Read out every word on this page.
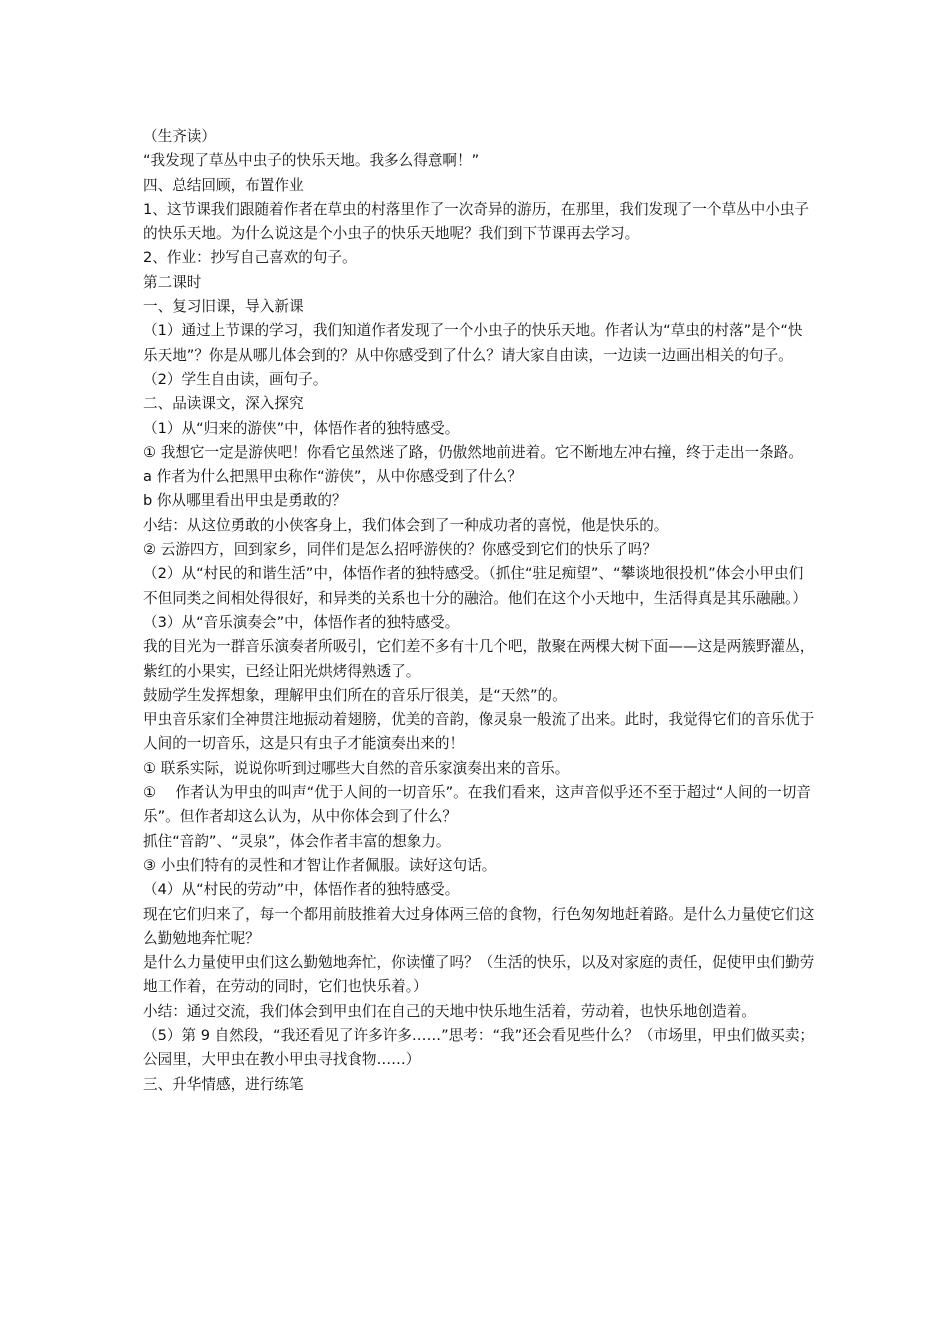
（生齐读）

“我发现了草丛中虫子的快乐天地。我多么得意啊！”

四、总结回顾，布置作业

1、这节课我们跟随着作者在草虫的村落里作了一次奇异的游历，在那里，我们发现了一个草丛中小虫子的快乐天地。为什么说这是个小虫子的快乐天地呢？我们到下节课再去学习。

2、作业：抄写自己喜欢的句子。

第二课时

一、复习旧课，导入新课

（1）通过上节课的学习，我们知道作者发现了一个小虫子的快乐天地。作者认为“草虫的村落”是个“快乐天地”？你是从哪儿体会到的？从中你感受到了什么？请大家自由读，一边读一边画出相关的句子。

（2）学生自由读，画句子。

二、品读课文，深入探究

（1）从“归来的游侠”中，体悟作者的独特感受。

① 我想它一定是游侠吧！你看它虽然迷了路，仍傲然地前进着。它不断地左冲右撞，终于走出一条路。

a 作者为什么把黑甲虫称作“游侠”，从中你感受到了什么？

b 你从哪里看出甲虫是勇敢的？

小结：从这位勇敢的小侠客身上，我们体会到了一种成功者的喜悦，他是快乐的。

② 云游四方，回到家乡，同伴们是怎么招呼游侠的？你感受到它们的快乐了吗？

（2）从“村民的和谐生活”中，体悟作者的独特感受。（抓住“驻足痴望”、“攀谈地很投机”体会小甲虫们不但同类之间相处得很好，和异类的关系也十分的融洽。他们在这个小天地中，生活得真是其乐融融。）

（3）从“音乐演奏会”中，体悟作者的独特感受。

我的目光为一群音乐演奏者所吸引，它们差不多有十几个吧，散聚在两棵大树下面——这是两簇野灌丛，紫红的小果实，已经让阳光烘烤得熟透了。

鼓励学生发挥想象，理解甲虫们所在的音乐厅很美，是“天然”的。

甲虫音乐家们全神贯注地振动着翅膀，优美的音韵，像灵泉一般流了出来。此时，我觉得它们的音乐优于人间的一切音乐，这是只有虫子才能演奏出来的！

① 联系实际，说说你听到过哪些大自然的音乐家演奏出来的音乐。

①　 作者认为甲虫的叫声“优于人间的一切音乐”。在我们看来，这声音似乎还不至于超过“人间的一切音乐”。但作者却这么认为，从中你体会到了什么？

抓住“音韵”、“灵泉”，体会作者丰富的想象力。

③ 小虫们特有的灵性和才智让作者佩服。读好这句话。

（4）从“村民的劳动”中，体悟作者的独特感受。

现在它们归来了，每一个都用前肢推着大过身体两三倍的食物，行色匆匆地赶着路。是什么力量使它们这么勤勉地奔忙呢？

是什么力量使甲虫们这么勤勉地奔忙，你读懂了吗？（生活的快乐，以及对家庭的责任，促使甲虫们勤劳地工作着，在劳动的同时，它们也快乐着。）

小结：通过交流，我们体会到甲虫们在自己的天地中快乐地生活着，劳动着，也快乐地创造着。

（5）第 9 自然段，“我还看见了许多许多……”思考：“我”还会看见些什么？（市场里，甲虫们做买卖；公园里，大甲虫在教小甲虫寻找食物……）

三、升华情感，进行练笔
